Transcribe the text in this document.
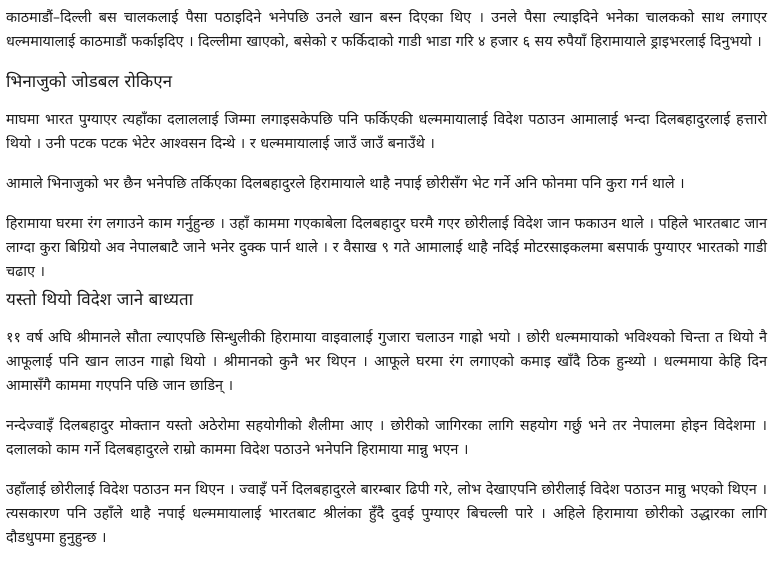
काठमाडौं–दिल्ली बस चालकलाई पैसा पठाइदिने भनेपछि उनले खान बस्न दिएका थिए । उनले पैसा ल्याइदिने भनेका चालकको साथ लगाएर धल्ममायालाई काठमाडौं फर्काइदिए । दिल्लीमा खाएको, बसेको र फर्किदाको गाडी भाडा गरि ४ हजार ६ सय रुपैयाँ हिरामायाले ड्राइभरलाई दिनुभयो ।

भिनाजुको जोडबल रोकिएन

माघमा भारत पुग्याएर त्यहाँका दलाललाई जिम्मा लगाइसकेपछि पनि फर्किएकी धल्ममायालाई विदेश पठाउन आमालाई भन्दा दिलबहादुरलाई हत्तारो थियो । उनी पटक पटक भेटेर आश्वसन दिन्थे । र धल्ममायालाई जाउँ जाउँ बनाउँथे ।

आमाले भिनाजुको भर छैन भनेपछि तर्किएका दिलबहादुरले हिरामायाले थाहै नपाई छोरीसँग भेट गर्ने अनि फोनमा पनि कुरा गर्न थाले ।

हिरामाया घरमा रंग लगाउने काम गर्नुहुन्छ । उहाँ काममा गएकाबेला दिलबहादुर घरमै गएर छोरीलाई विदेश जान फकाउन थाले । पहिले भारतबाट जान लाग्दा कुरा बिग्रियो अव नेपालबाटै जाने भनेर दुक्क पार्न थाले । र वैसाख ९ गते आमालाई थाहै नदिई मोटरसाइकलमा बसपार्क पुग्याएर भारतको गाडी चढाए ।

यस्तो थियो विदेश जाने बाध्यता

११ वर्ष अघि श्रीमानले सौता ल्याएपछि सिन्धुलीकी हिरामाया वाइवालाई गुजारा चलाउन गाह्रो भयो । छोरी धल्ममायाको भविश्यको चिन्ता त थियो नै आफूलाई पनि खान लाउन गाह्रो थियो । श्रीमानको कुनै भर थिएन । आफूले घरमा रंग लगाएको कमाइ खाँदै ठिक हुन्थ्यो । धल्ममाया केहि दिन आमासँगै काममा गएपनि पछि जान छाडिन् ।

नन्देज्वाइँ दिलबहादुर मोक्तान यस्तो अठेरोमा सहयोगीको शैलीमा आए । छोरीको जागिरका लागि सहयोग गर्छु भने तर नेपालमा होइन विदेशमा । दलालको काम गर्ने दिलबहादुरले राम्रो काममा विदेश पठाउने भनेपनि हिरामाया मान्नु भएन ।

उहाँलाई छोरीलाई विदेश पठाउन मन थिएन । ज्वाइँ पर्ने दिलबहादुरले बारम्बार ढिपी गरे, लोभ देखाएपनि छोरीलाई विदेश पठाउन मान्नु भएको थिएन । त्यसकारण पनि उहाँले थाहै नपाई धल्ममायालाई भारतबाट श्रीलंका हुँदै दुवई पुग्याएर बिचल्ली पारे । अहिले हिरामाया छोरीको उद्धारका लागि दौडधुपमा हुनुहुन्छ ।
